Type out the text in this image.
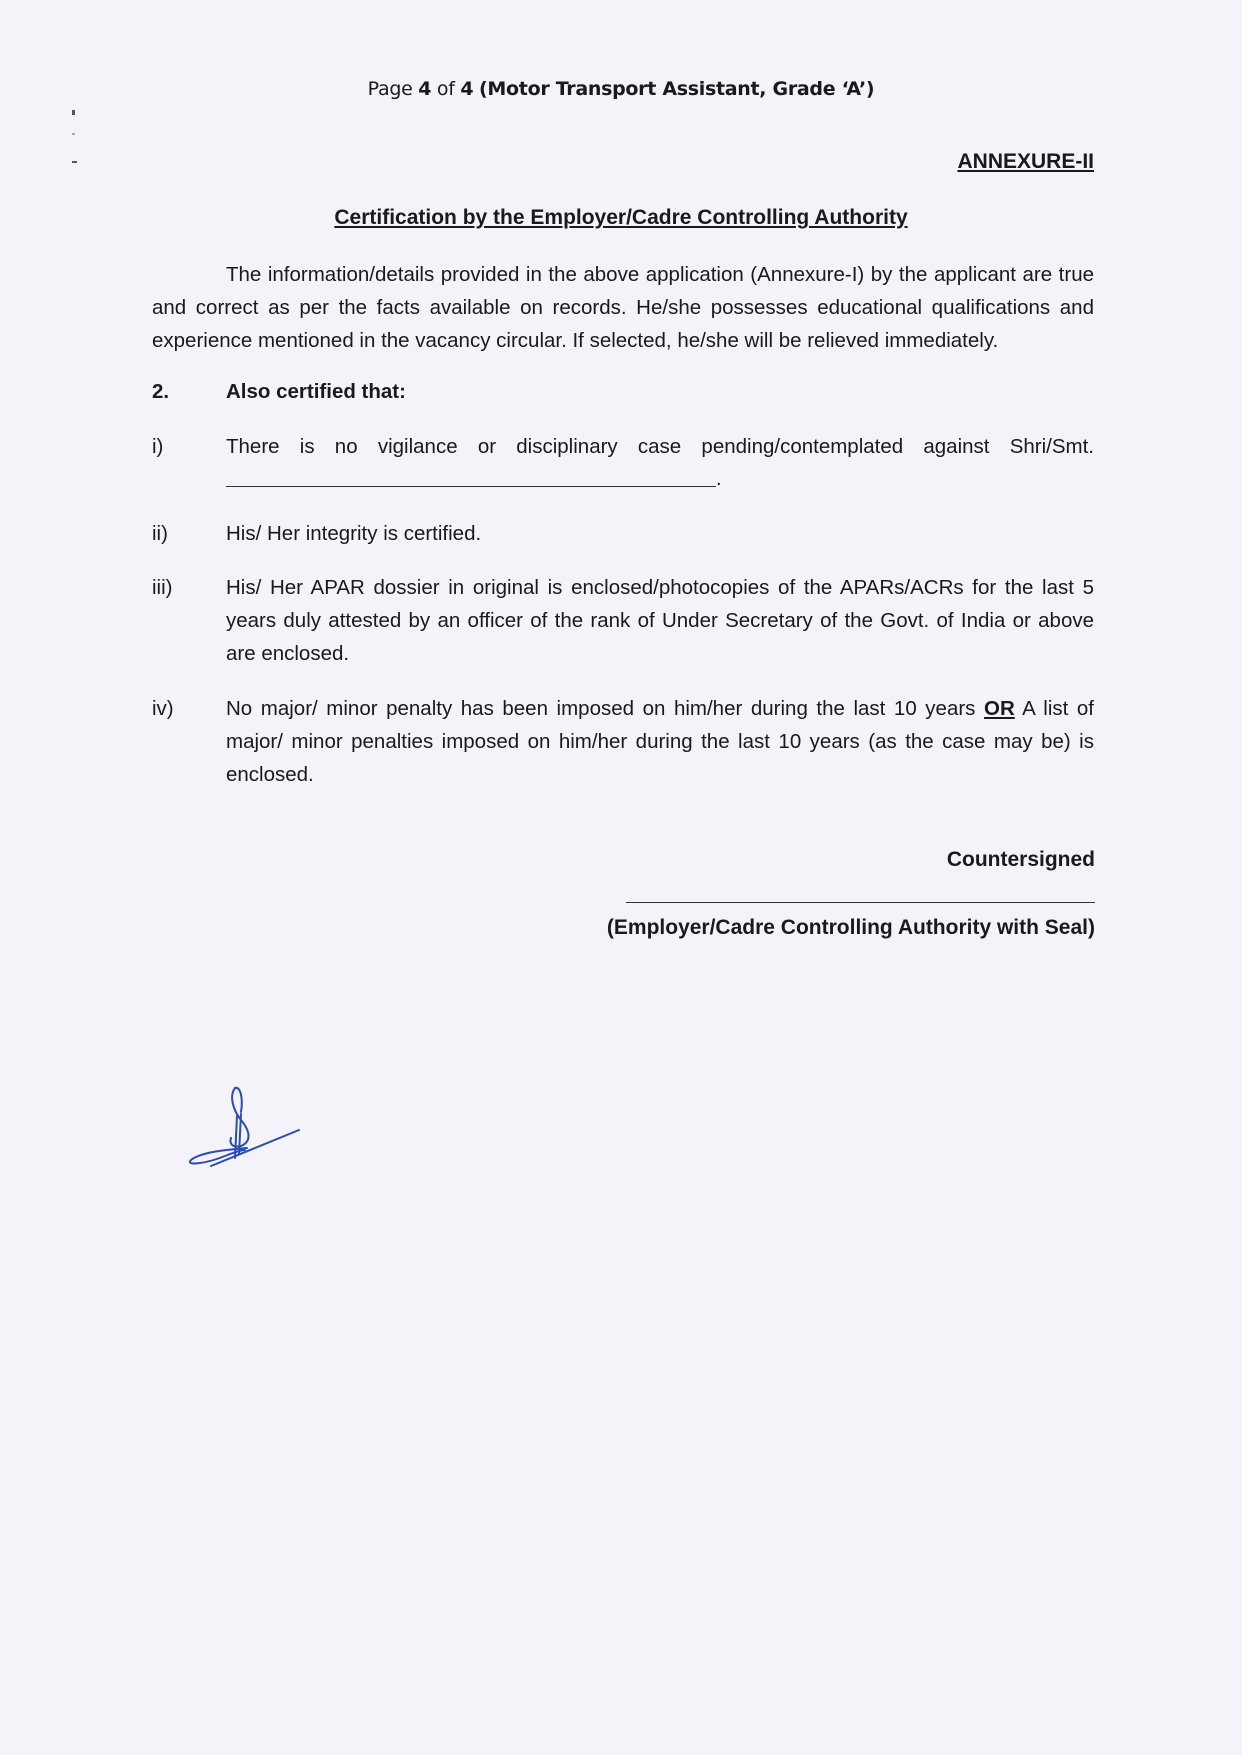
Page 4 of 4 (Motor Transport Assistant, Grade ‘A’)
ANNEXURE-II
Certification by the Employer/Cadre Controlling Authority
The information/details provided in the above application (Annexure-I) by the applicant are true and correct as per the facts available on records. He/she possesses educational qualifications and experience mentioned in the vacancy circular. If selected, he/she will be relieved immediately.
2.	Also certified that:
i)	There is no vigilance or disciplinary case pending/contemplated against Shri/Smt.
.
ii)	His/ Her integrity is certified.
iii)	His/ Her APAR dossier in original is enclosed/photocopies of the APARs/ACRs for the last 5 years duly attested by an officer of the rank of Under Secretary of the Govt. of India or above are enclosed.
iv)	No major/ minor penalty has been imposed on him/her during the last 10 years OR A list of major/ minor penalties imposed on him/her during the last 10 years (as the case may be) is enclosed.
Countersigned
(Employer/Cadre Controlling Authority with Seal)
